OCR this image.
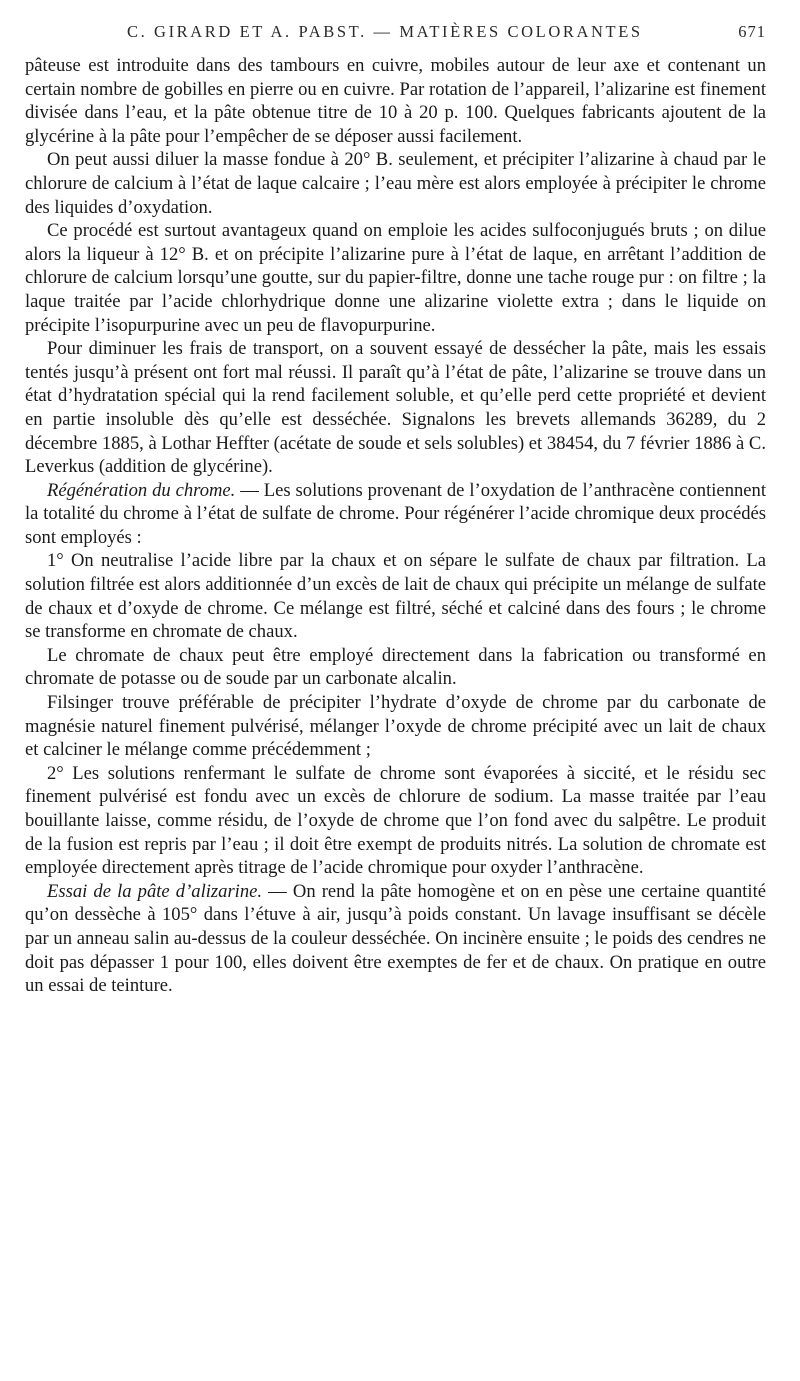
C. GIRARD ET A. PABST. — MATIÈRES COLORANTES	671

pâteuse est introduite dans des tambours en cuivre, mobiles autour de leur axe et contenant un certain nombre de gobilles en pierre ou en cuivre. Par rotation de l’appareil, l’alizarine est finement divisée dans l’eau, et la pâte obtenue titre de 10 à 20 p. 100. Quelques fabricants ajoutent de la glycérine à la pâte pour l’empêcher de se déposer aussi facilement.

On peut aussi diluer la masse fondue à 20° B. seulement, et précipiter l’alizarine à chaud par le chlorure de calcium à l’état de laque calcaire ; l’eau mère est alors employée à précipiter le chrome des liquides d’oxydation.

Ce procédé est surtout avantageux quand on emploie les acides sulfoconjugués bruts ; on dilue alors la liqueur à 12° B. et on précipite l’alizarine pure à l’état de laque, en arrêtant l’addition de chlorure de calcium lorsqu’une goutte, sur du papier-filtre, donne une tache rouge pur : on filtre ; la laque traitée par l’acide chlorhydrique donne une alizarine violette extra ; dans le liquide on précipite l’isopurpurine avec un peu de flavopurpurine.

Pour diminuer les frais de transport, on a souvent essayé de dessécher la pâte, mais les essais tentés jusqu’à présent ont fort mal réussi. Il paraît qu’à l’état de pâte, l’alizarine se trouve dans un état d’hydratation spécial qui la rend facilement soluble, et qu’elle perd cette propriété et devient en partie insoluble dès qu’elle est desséchée. Signalons les brevets allemands 36289, du 2 décembre 1885, à Lothar Heffter (acétate de soude et sels solubles) et 38454, du 7 février 1886 à C. Leverkus (addition de glycérine).

Régénération du chrome. — Les solutions provenant de l’oxydation de l’anthracène contiennent la totalité du chrome à l’état de sulfate de chrome. Pour régénérer l’acide chromique deux procédés sont employés :

1° On neutralise l’acide libre par la chaux et on sépare le sulfate de chaux par filtration. La solution filtrée est alors additionnée d’un excès de lait de chaux qui précipite un mélange de sulfate de chaux et d’oxyde de chrome. Ce mélange est filtré, séché et calciné dans des fours ; le chrome se transforme en chromate de chaux.

Le chromate de chaux peut être employé directement dans la fabrication ou transformé en chromate de potasse ou de soude par un carbonate alcalin.

Filsinger trouve préférable de précipiter l’hydrate d’oxyde de chrome par du carbonate de magnésie naturel finement pulvérisé, mélanger l’oxyde de chrome précipité avec un lait de chaux et calciner le mélange comme précédemment ;

2° Les solutions renfermant le sulfate de chrome sont évaporées à siccité, et le résidu sec finement pulvérisé est fondu avec un excès de chlorure de sodium. La masse traitée par l’eau bouillante laisse, comme résidu, de l’oxyde de chrome que l’on fond avec du salpêtre. Le produit de la fusion est repris par l’eau ; il doit être exempt de produits nitrés. La solution de chromate est employée directement après titrage de l’acide chromique pour oxyder l’anthracène.

Essai de la pâte d’alizarine. — On rend la pâte homogène et on en pèse une certaine quantité qu’on dessèche à 105° dans l’étuve à air, jusqu’à poids constant. Un lavage insuffisant se décèle par un anneau salin au-dessus de la couleur desséchée. On incinère ensuite ; le poids des cendres ne doit pas dépasser 1 pour 100, elles doivent être exemptes de fer et de chaux. On pratique en outre un essai de teinture.
